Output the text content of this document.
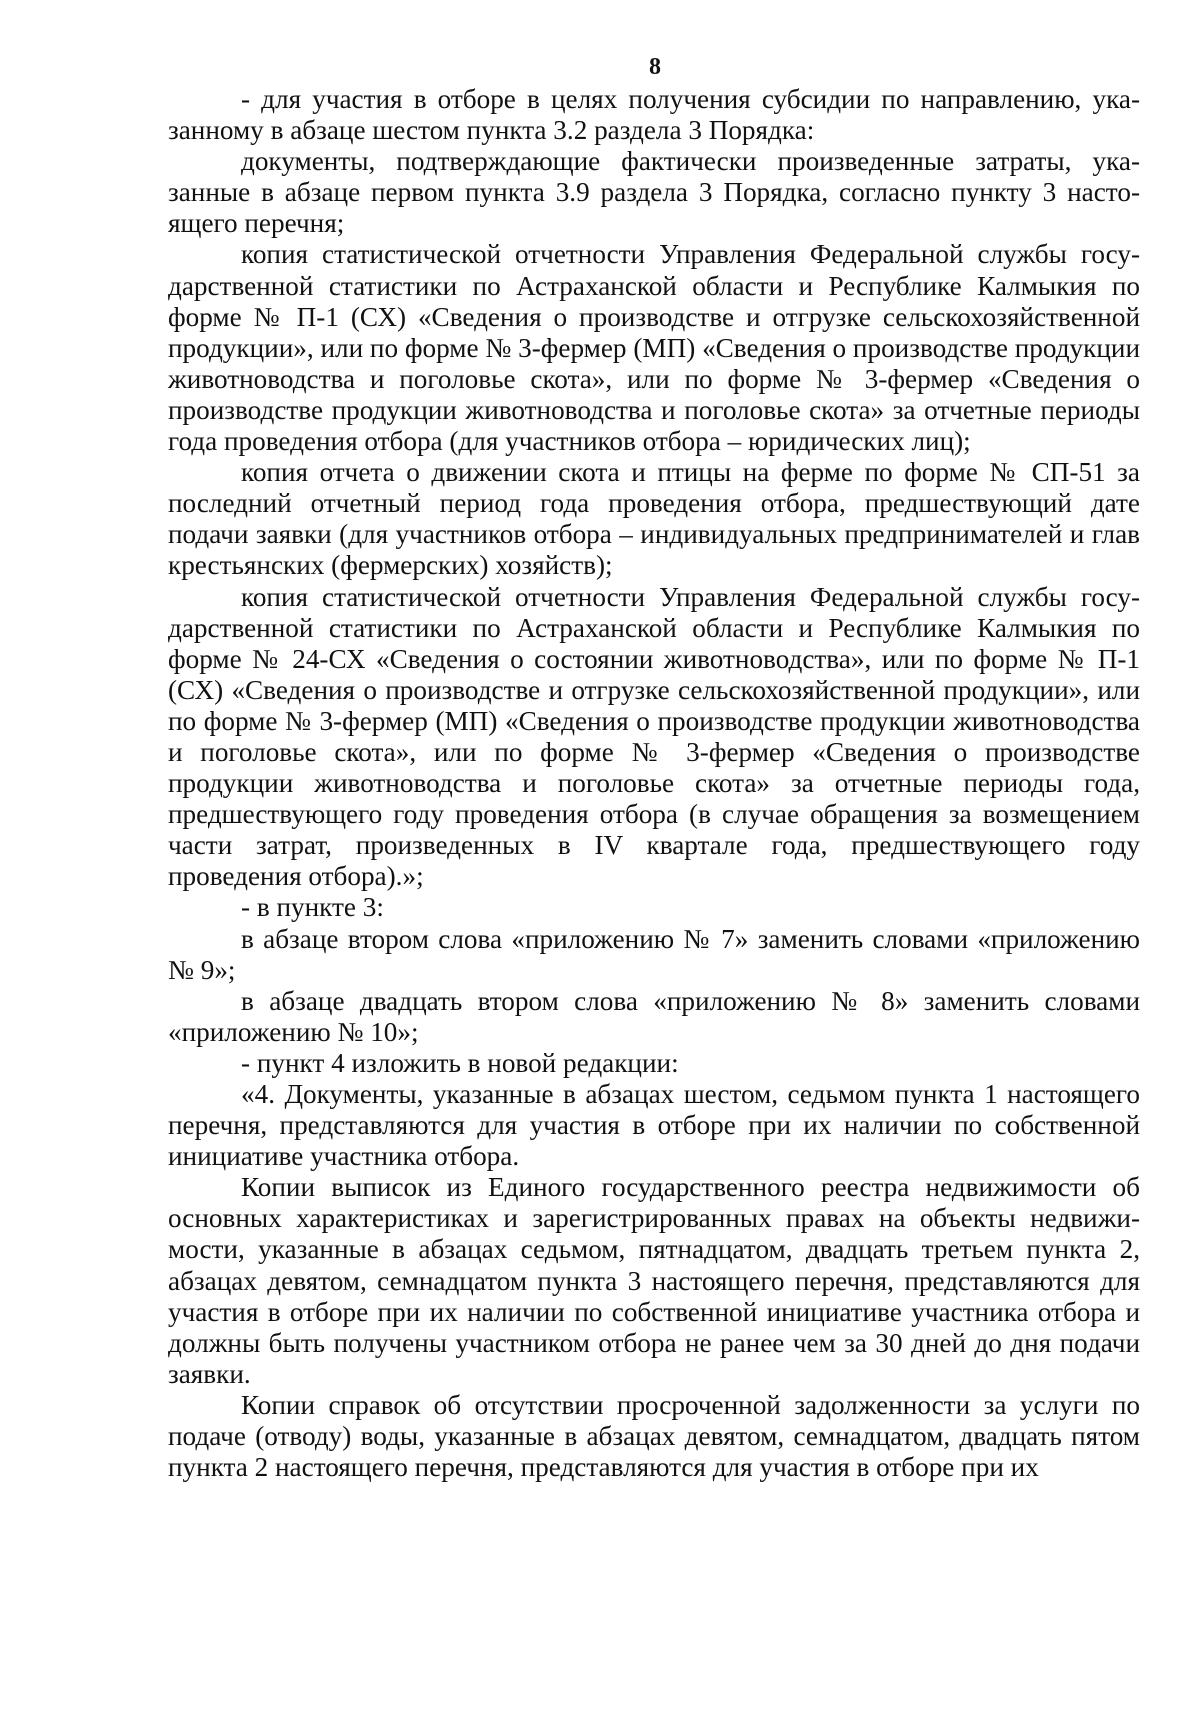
8

- для участия в отборе в целях получения субсидии по направлению, указанному в абзаце шестом пункта 3.2 раздела 3 Порядка:

документы, подтверждающие фактически произведенные затраты, указанные в абзаце первом пункта 3.9 раздела 3 Порядка, согласно пункту 3 настоящего перечня;

копия статистической отчетности Управления Федеральной службы государственной статистики по Астраханской области и Республике Калмыкия по форме № П-1 (СХ) «Сведения о производстве и отгрузке сельскохозяйственной продукции», или по форме № 3-фермер (МП) «Сведения о производстве продукции животноводства и поголовье скота», или по форме № 3-фермер «Сведения о производстве продукции животноводства и поголовье скота» за отчетные периоды года проведения отбора (для участников отбора – юридических лиц);

копия отчета о движении скота и птицы на ферме по форме № СП-51 за последний отчетный период года проведения отбора, предшествующий дате подачи заявки (для участников отбора – индивидуальных предпринимателей и глав крестьянских (фермерских) хозяйств);

копия статистической отчетности Управления Федеральной службы государственной статистики по Астраханской области и Республике Калмыкия по форме № 24-СХ «Сведения о состоянии животноводства», или по форме № П-1 (СХ) «Сведения о производстве и отгрузке сельскохозяйственной продукции», или по форме № 3-фермер (МП) «Сведения о производстве продукции животноводства и поголовье скота», или по форме № 3-фермер «Сведения о производстве продукции животноводства и поголовье скота» за отчетные периоды года, предшествующего году проведения отбора (в случае обращения за возмещением части затрат, произведенных в IV квартале года, предшествующего году проведения отбора).»;

- в пункте 3:

в абзаце втором слова «приложению № 7» заменить словами «приложению № 9»;

в абзаце двадцать втором слова «приложению № 8» заменить словами «приложению № 10»;

- пункт 4 изложить в новой редакции:

«4. Документы, указанные в абзацах шестом, седьмом пункта 1 настоящего перечня, представляются для участия в отборе при их наличии по собственной инициативе участника отбора.

Копии выписок из Единого государственного реестра недвижимости об основных характеристиках и зарегистрированных правах на объекты недвижимости, указанные в абзацах седьмом, пятнадцатом, двадцать третьем пункта 2, абзацах девятом, семнадцатом пункта 3 настоящего перечня, представляются для участия в отборе при их наличии по собственной инициативе участника отбора и должны быть получены участником отбора не ранее чем за 30 дней до дня подачи заявки.

Копии справок об отсутствии просроченной задолженности за услуги по подаче (отводу) воды, указанные в абзацах девятом, семнадцатом, двадцать пятом пункта 2 настоящего перечня, представляются для участия в отборе при их
